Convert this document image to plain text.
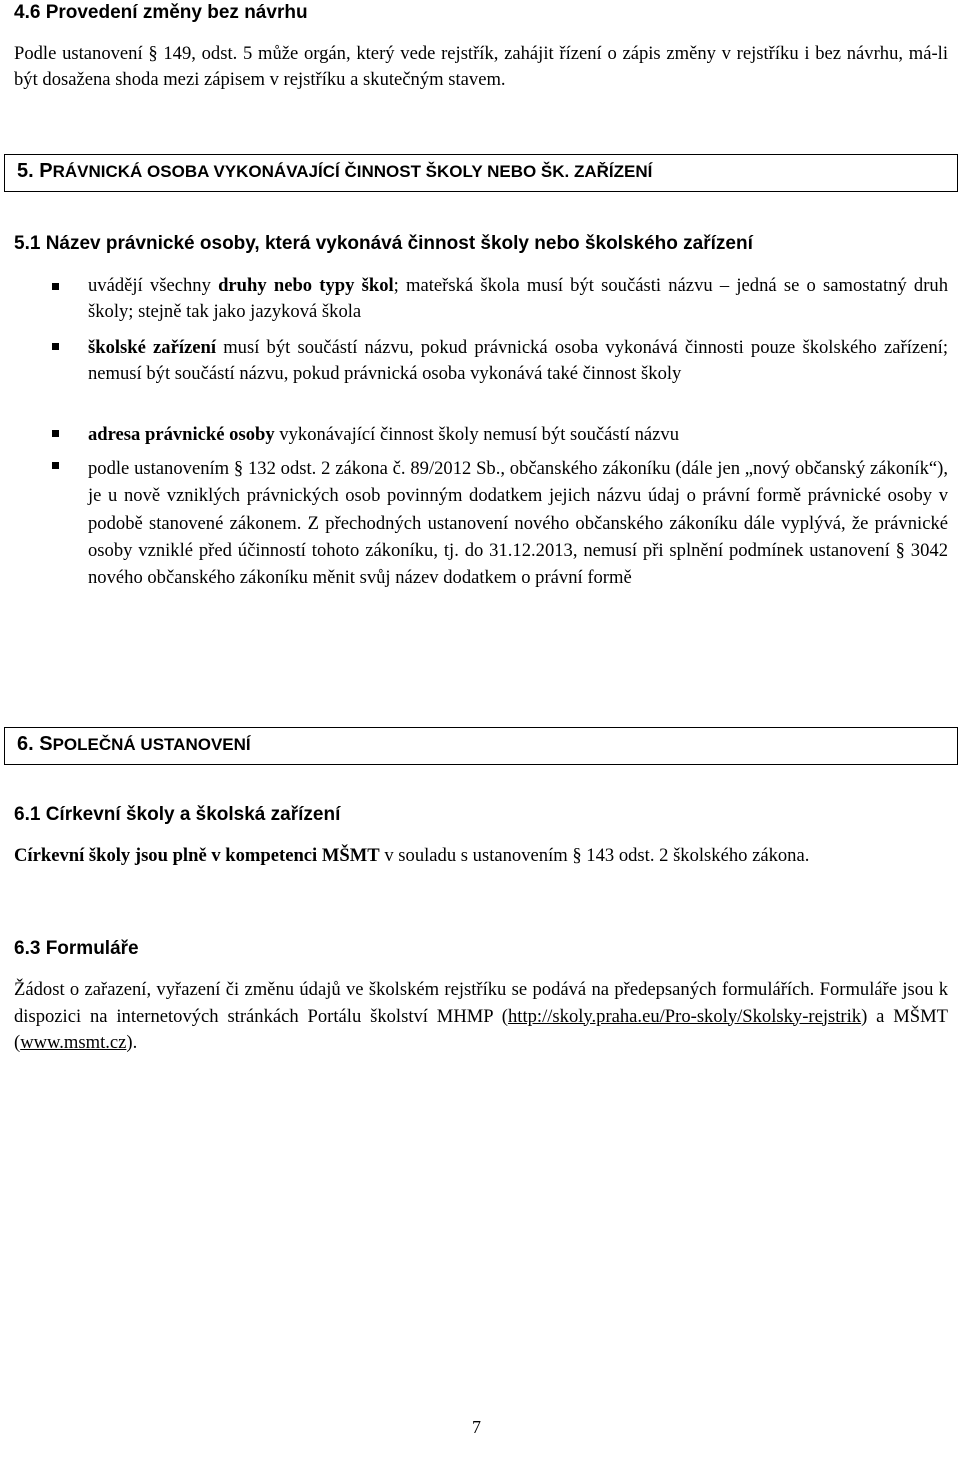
4.6 Provedení změny bez návrhu
Podle ustanovení § 149, odst. 5 může orgán, který vede rejstřík, zahájit řízení o zápis změny v rejstříku i bez návrhu, má-li být dosažena shoda mezi zápisem v rejstříku a skutečným stavem.
5. PRÁVNICKÁ OSOBA VYKONÁVAJÍCÍ ČINNOST ŠKOLY NEBO ŠK. ZAŘÍZENÍ
5.1 Název právnické osoby, která vykonává činnost školy nebo školského zařízení
uvádějí všechny druhy nebo typy škol; mateřská škola musí být součásti názvu – jedná se o samostatný druh školy; stejně tak jako jazyková škola
školské zařízení musí být součástí názvu, pokud právnická osoba vykonává činnosti pouze školského zařízení; nemusí být součástí názvu, pokud právnická osoba vykonává také činnost školy
adresa právnické osoby vykonávající činnost školy nemusí být součástí názvu
podle ustanovením § 132 odst. 2 zákona č. 89/2012 Sb., občanského zákoníku (dále jen „nový občanský zákoník“), je u nově vzniklých právnických osob povinným dodatkem jejich názvu údaj o právní formě právnické osoby v podobě stanovené zákonem. Z přechodných ustanovení nového občanského zákoníku dále vyplývá, že právnické osoby vzniklé před účinností tohoto zákoníku, tj. do 31.12.2013, nemusí při splnění podmínek ustanovení § 3042 nového občanského zákoníku měnit svůj název dodatkem o právní formě
6. SPOLEČNÁ USTANOVENÍ
6.1 Církevní školy a školská zařízení
Církevní školy jsou plně v kompetenci MŠMT v souladu s ustanovením § 143 odst. 2 školského zákona.
6.3 Formuláře
Žádost o zařazení, vyřazení či změnu údajů ve školském rejstříku se podává na předepsaných formulářích. Formuláře jsou k dispozici na internetových stránkách Portálu školství MHMP (http://skoly.praha.eu/Pro-skoly/Skolsky-rejstrik) a MŠMT (www.msmt.cz).
7
